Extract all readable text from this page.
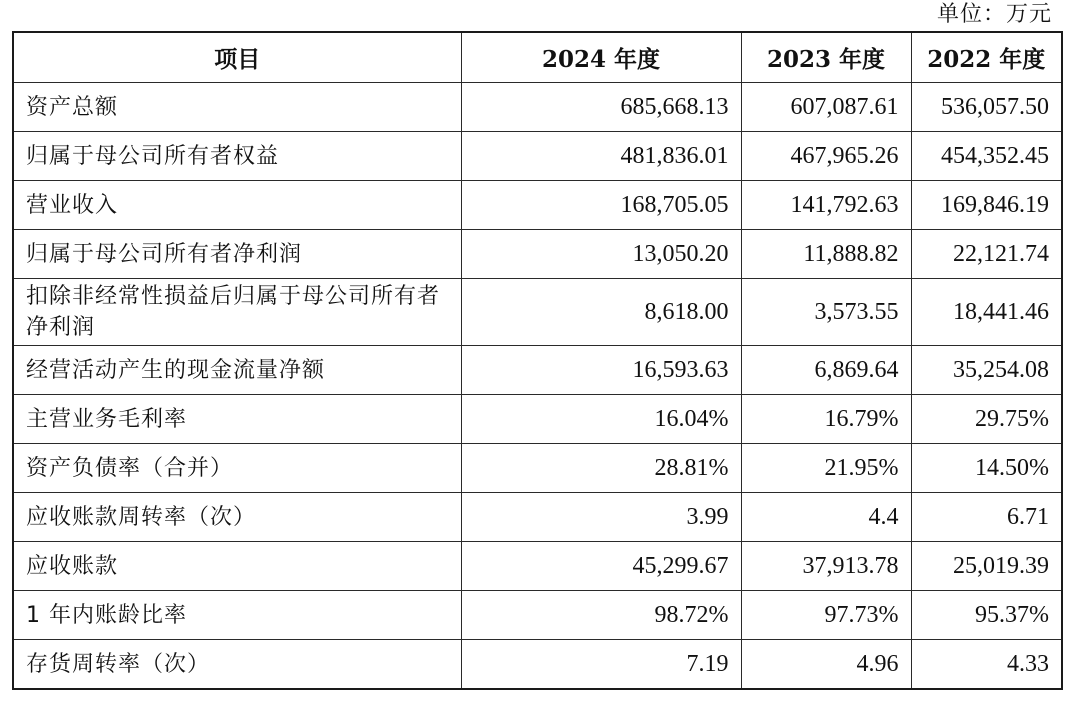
单位：万元
项目	2024 年度	2023 年度	2022 年度
资产总额	685,668.13	607,087.61	536,057.50
归属于母公司所有者权益	481,836.01	467,965.26	454,352.45
营业收入	168,705.05	141,792.63	169,846.19
归属于母公司所有者净利润	13,050.20	11,888.82	22,121.74
扣除非经常性损益后归属于母公司所有者净利润	8,618.00	3,573.55	18,441.46
经营活动产生的现金流量净额	16,593.63	6,869.64	35,254.08
主营业务毛利率	16.04%	16.79%	29.75%
资产负债率（合并）	28.81%	21.95%	14.50%
应收账款周转率（次）	3.99	4.4	6.71
应收账款	45,299.67	37,913.78	25,019.39
1 年内账龄比率	98.72%	97.73%	95.37%
存货周转率（次）	7.19	4.96	4.33
